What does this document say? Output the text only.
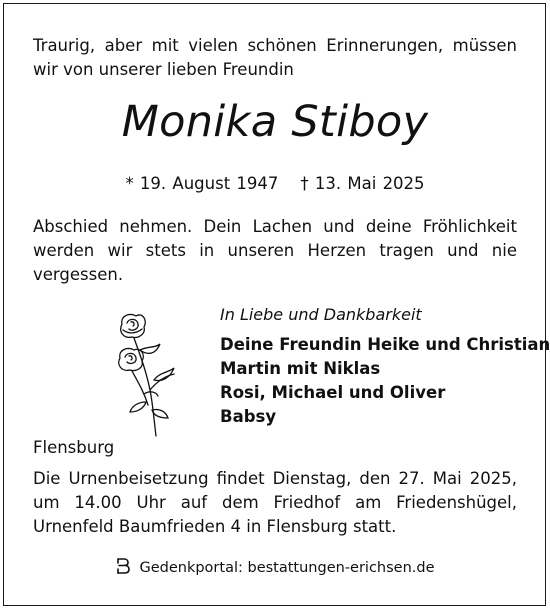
Traurig, aber mit vielen schönen Erinnerungen, müssen
wir von unserer lieben Freundin

Monika Stiboy

* 19. August 1947 † 13. Mai 2025

Abschied nehmen. Dein Lachen und deine Fröhlichkeit
werden wir stets in unseren Herzen tragen und nie
vergessen.

In Liebe und Dankbarkeit
Deine Freundin Heike und Christian
Martin mit Niklas
Rosi, Michael und Oliver
Babsy
Flensburg

Die Urnenbeisetzung findet Dienstag, den 27. Mai 2025,
um 14.00 Uhr auf dem Friedhof am Friedenshügel,
Urnenfeld Baumfrieden 4 in Flensburg statt.

Gedenkportal: bestattungen-erichsen.de
